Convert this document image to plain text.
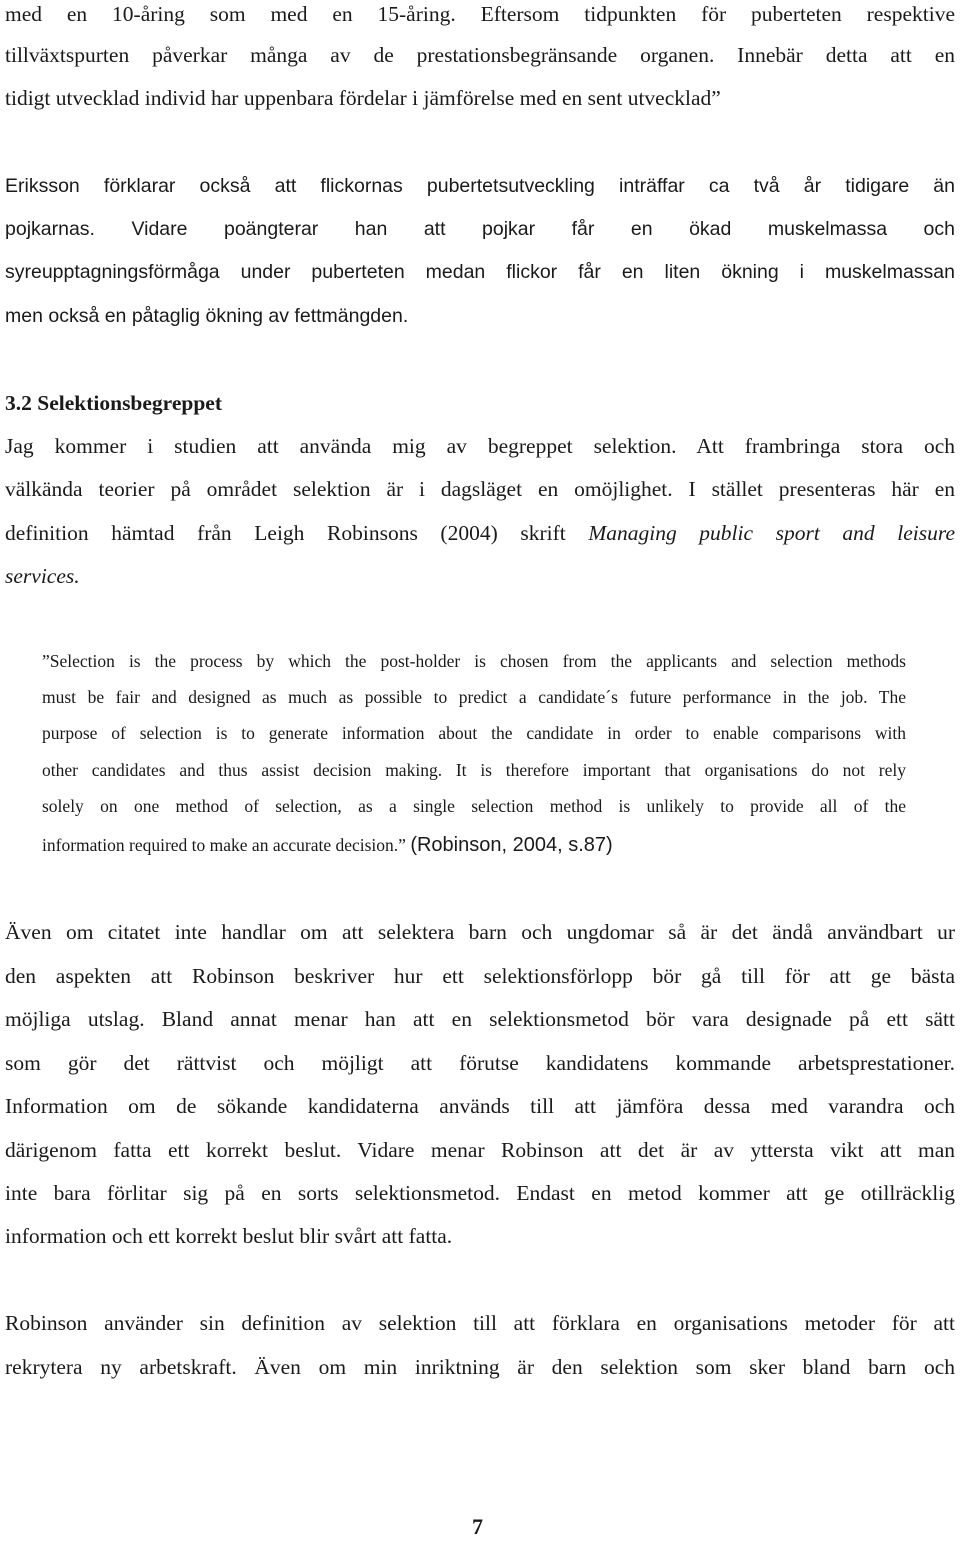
med en 10-åring som med en 15-åring. Eftersom tidpunkten för puberteten respektive
tillväxtspurten påverkar många av de prestationsbegränsande organen. Innebär detta att en
tidigt utvecklad individ har uppenbara fördelar i jämförelse med en sent utvecklad”
Eriksson förklarar också att flickornas pubertetsutveckling inträffar ca två år tidigare än
pojkarnas. Vidare poängterar han att pojkar får en ökad muskelmassa och
syreupptagningsförmåga under puberteten medan flickor får en liten ökning i muskelmassan
men också en påtaglig ökning av fettmängden.
3.2 Selektionsbegreppet
Jag kommer i studien att använda mig av begreppet selektion. Att frambringa stora och
välkända teorier på området selektion är i dagsläget en omöjlighet. I stället presenteras här en
definition hämtad från Leigh Robinsons (2004) skrift Managing public sport and leisure
services.
”Selection is the process by which the post-holder is chosen from the applicants and selection methods
must be fair and designed as much as possible to predict a candidate´s future performance in the job. The
purpose of selection is to generate information about the candidate in order to enable comparisons with
other candidates and thus assist decision making. It is therefore important that organisations do not rely
solely on one method of selection, as a single selection method is unlikely to provide all of the
information required to make an accurate decision.” (Robinson, 2004, s.87)
Även om citatet inte handlar om att selektera barn och ungdomar så är det ändå användbart ur
den aspekten att Robinson beskriver hur ett selektionsförlopp bör gå till för att ge bästa
möjliga utslag. Bland annat menar han att en selektionsmetod bör vara designade på ett sätt
som gör det rättvist och möjligt att förutse kandidatens kommande arbetsprestationer.
Information om de sökande kandidaterna används till att jämföra dessa med varandra och
därigenom fatta ett korrekt beslut. Vidare menar Robinson att det är av yttersta vikt att man
inte bara förlitar sig på en sorts selektionsmetod. Endast en metod kommer att ge otillräcklig
information och ett korrekt beslut blir svårt att fatta.
Robinson använder sin definition av selektion till att förklara en organisations metoder för att
rekrytera ny arbetskraft. Även om min inriktning är den selektion som sker bland barn och
7
